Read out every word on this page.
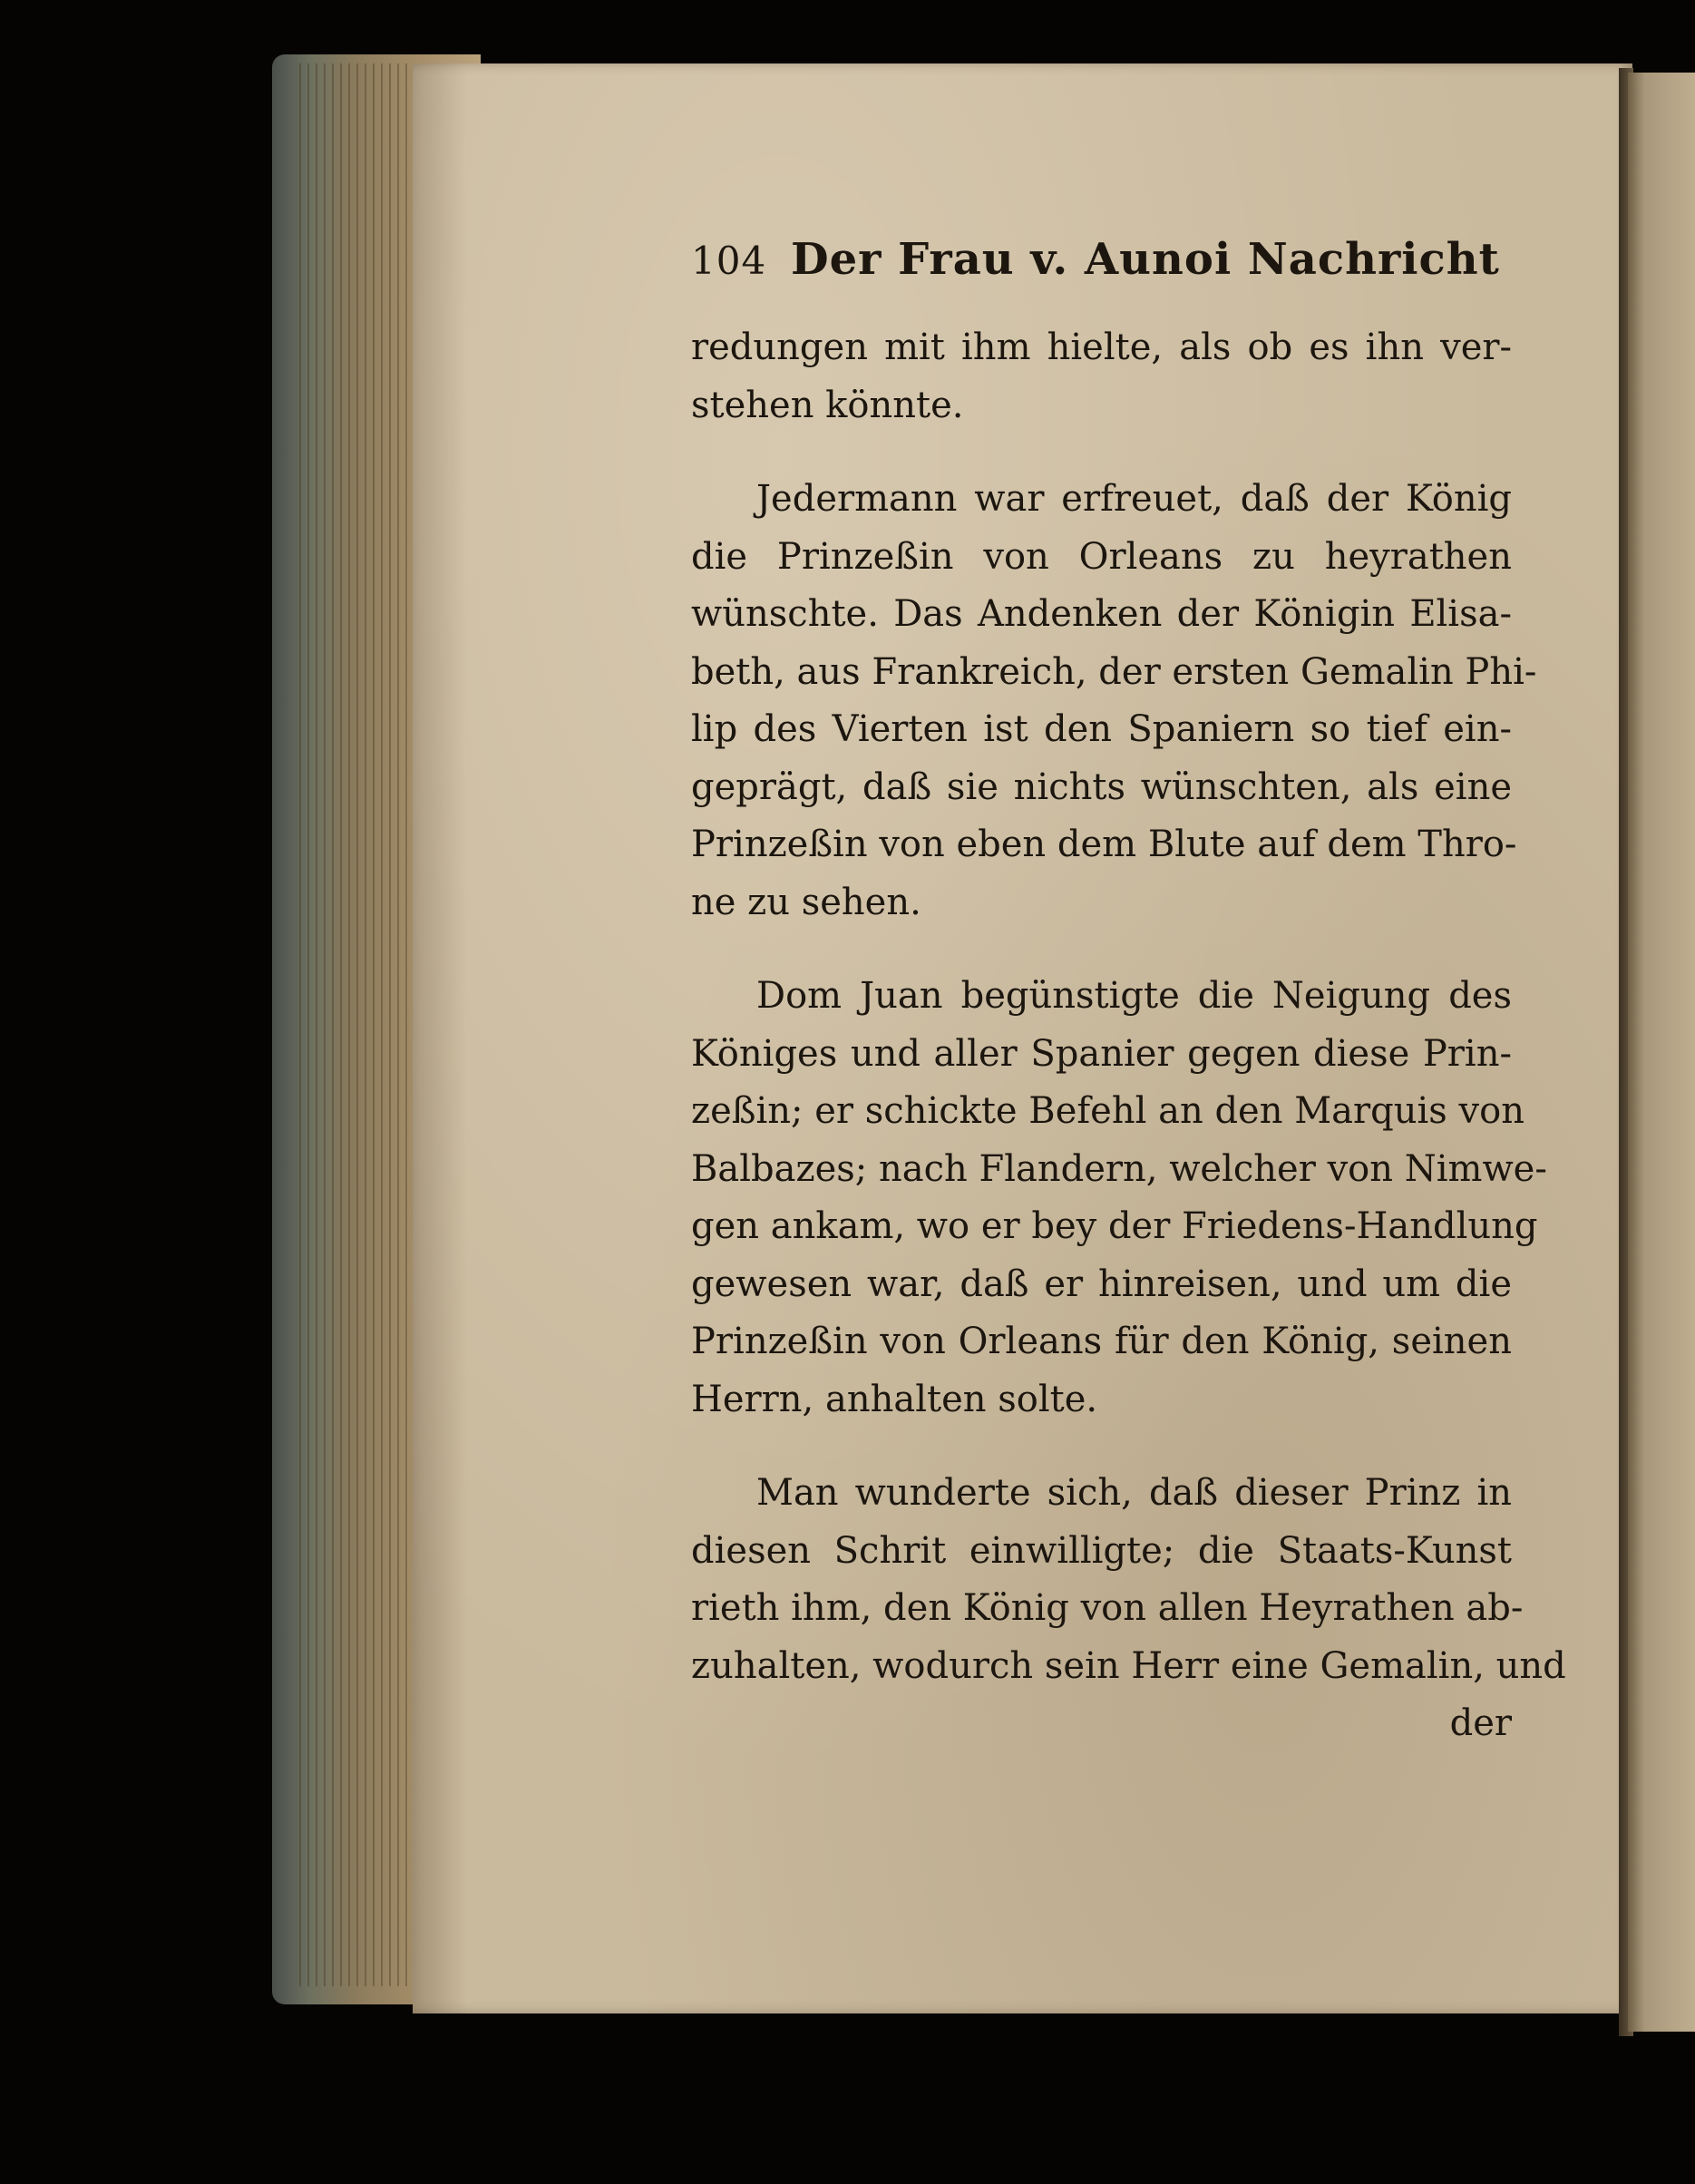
104 Der Frau v. Aunoi Nachricht

redungen mit ihm hielte, als ob es ihn ver-
stehen könnte.

Jedermann war erfreuet, daß der König
die Prinzeßin von Orleans zu heyrathen
wünschte. Das Andenken der Königin Elisa-
beth, aus Frankreich, der ersten Gemalin Phi-
lip des Vierten ist den Spaniern so tief ein-
geprägt, daß sie nichts wünschten, als eine
Prinzeßin von eben dem Blute auf dem Thro-
ne zu sehen.

Dom Juan begünstigte die Neigung des
Königes und aller Spanier gegen diese Prin-
zeßin; er schickte Befehl an den Marquis von
Balbazes; nach Flandern, welcher von Nimwe-
gen ankam, wo er bey der Friedens-Handlung
gewesen war, daß er hinreisen, und um die
Prinzeßin von Orleans für den König, seinen
Herrn, anhalten solte.

Man wunderte sich, daß dieser Prinz in
diesen Schrit einwilligte; die Staats-Kunst
rieth ihm, den König von allen Heyrathen ab-
zuhalten, wodurch sein Herr eine Gemalin, und

der
